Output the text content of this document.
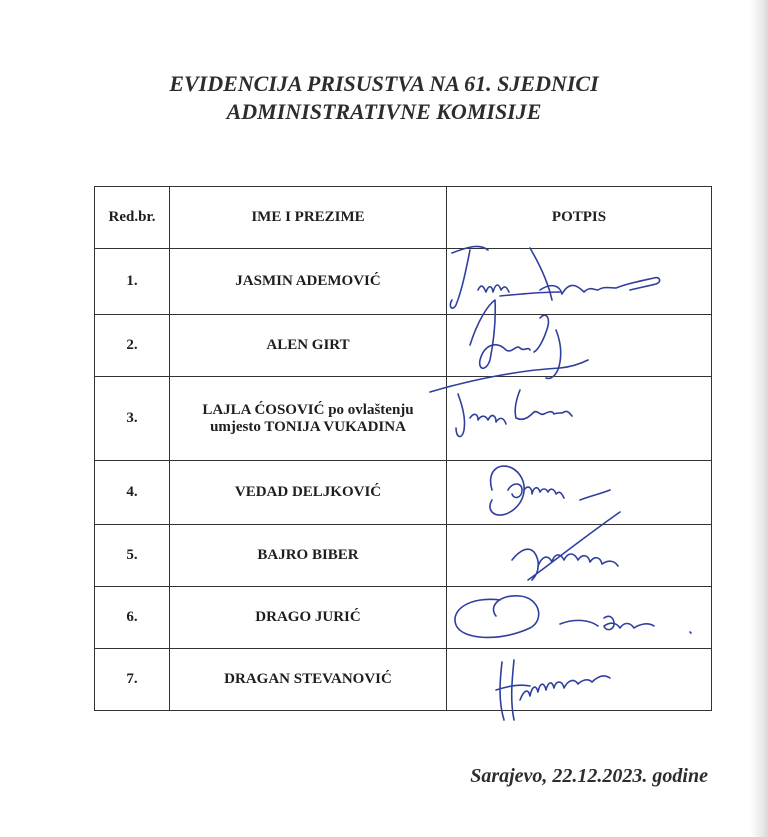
EVIDENCIJA PRISUSTVA NA 61. SJEDNICI
ADMINISTRATIVNE KOMISIJE
Red.br.	IME I PREZIME	POTPIS
1.	JASMIN ADEMOVIĆ	
2.	ALEN GIRT	
3.	LAJLA ĆOSOVIĆ po ovlaštenju
umjesto TONIJA VUKADINA	

4.	VEDAD DELJKOVIĆ	
5.	BAJRO BIBER	
6.	DRAGO JURIĆ	
7.	DRAGAN STEVANOVIĆ	
Sarajevo, 22.12.2023. godine
